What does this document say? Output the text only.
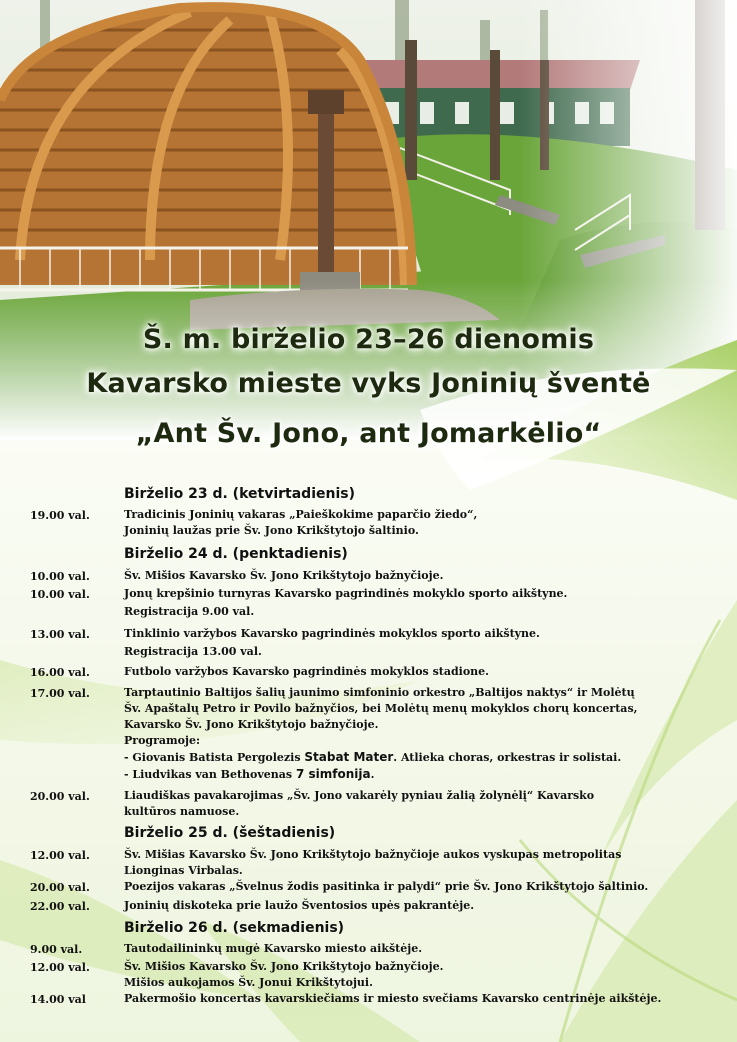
Š. m. birželio 23–26 dienomis
Kavarsko mieste vyks Joninių šventė
„Ant Šv. Jono, ant Jomarkėlio“
Birželio 23 d. (ketvirtadienis)
19.00 val.	Tradicinis Joninių vakaras „Paieškokime paparčio žiedo“,
Joninių laužas prie Šv. Jono Krikštytojo šaltinio.
Birželio 24 d. (penktadienis)
10.00 val.	Šv. Mišios Kavarsko Šv. Jono Krikštytojo bažnyčioje.
10.00 val.	Jonų krepšinio turnyras Kavarsko pagrindinės mokyklo sporto aikštyne.
Registracija 9.00 val.
13.00 val.	Tinklinio varžybos Kavarsko pagrindinės mokyklos sporto aikštyne.
Registracija 13.00 val.
16.00 val.	Futbolo varžybos Kavarsko pagrindinės mokyklos stadione.
17.00 val.	Tarptautinio Baltijos šalių jaunimo simfoninio orkestro „Baltijos naktys“ ir Molėtų
Šv. Apaštalų Petro ir Povilo bažnyčios, bei Molėtų menų mokyklos chorų koncertas,
Kavarsko Šv. Jono Krikštytojo bažnyčioje.
Programoje:
- Giovanis Batista Pergolezis Stabat Mater. Atlieka choras, orkestras ir solistai.
- Liudvikas van Bethovenas 7 simfonija.
20.00 val.	Liaudiškas pavakarojimas „Šv. Jono vakarėly pyniau žalią žolynėlį“ Kavarsko
kultūros namuose.
Birželio 25 d. (šeštadienis)
12.00 val.	Šv. Mišias Kavarsko Šv. Jono Krikštytojo bažnyčioje aukos vyskupas metropolitas
Lionginas Virbalas.
20.00 val.	Poezijos vakaras „Švelnus žodis pasitinka ir palydi“ prie Šv. Jono Krikštytojo šaltinio.
22.00 val.	Joninių diskoteka prie laužo Šventosios upės pakrantėje.
Birželio 26 d. (sekmadienis)
9.00 val.	Tautodailininkų mugė Kavarsko miesto aikštėje.
12.00 val.	Šv. Mišios Kavarsko Šv. Jono Krikštytojo bažnyčioje.
Mišios aukojamos Šv. Jonui Krikštytojui.
14.00 val	Pakermošio koncertas kavarskiečiams ir miesto svečiams Kavarsko centrinėje aikštėje.
